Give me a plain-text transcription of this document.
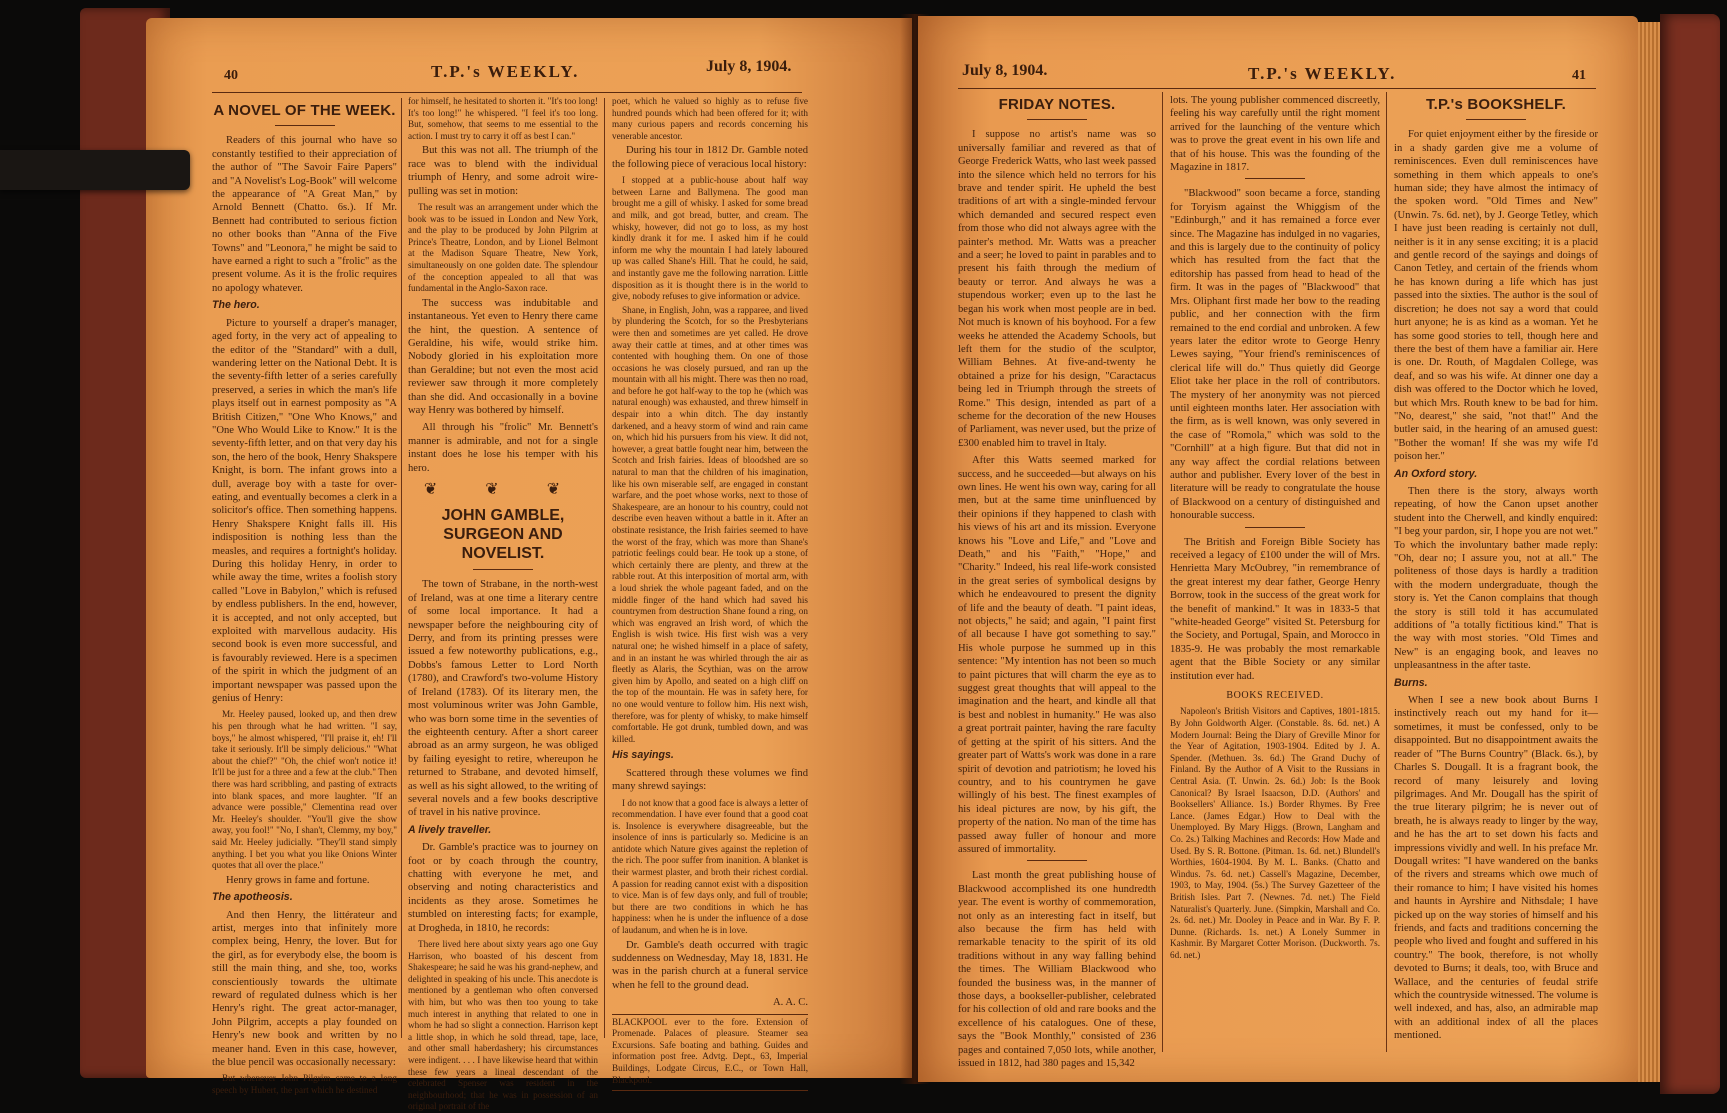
40	T.P.'s WEEKLY.	July 8, 1904.
A NOVEL OF THE WEEK.

Readers of this journal who have so constantly testified to their appreciation of the author of "The Savoir Faire Papers" and "A Novelist's Log-Book" will welcome the appearance of "A Great Man," by Arnold Bennett (Chatto. 6s.). If Mr. Bennett had contributed to serious fiction no other books than "Anna of the Five Towns" and "Leonora," he might be said to have earned a right to such a "frolic" as the present volume. As it is the frolic requires no apology whatever.

The hero.

Picture to yourself a draper's manager, aged forty, in the very act of appealing to the editor of the "Standard" with a dull, wandering letter on the National Debt. It is the seventy-fifth letter of a series carefully preserved, a series in which the man's life plays itself out in earnest pomposity as "A British Citizen," "One Who Knows," and "One Who Would Like to Know." It is the seventy-fifth letter, and on that very day his son, the hero of the book, Henry Shakspere Knight, is born. The infant grows into a dull, average boy with a taste for over-eating, and eventually becomes a clerk in a solicitor's office. Then something happens. Henry Shakspere Knight falls ill. His indisposition is nothing less than the measles, and requires a fortnight's holiday. During this holiday Henry, in order to while away the time, writes a foolish story called "Love in Babylon," which is refused by endless publishers. In the end, however, it is accepted, and not only accepted, but exploited with marvellous audacity. His second book is even more successful, and is favourably reviewed. Here is a specimen of the spirit in which the judgment of an important newspaper was passed upon the genius of Henry:

Mr. Heeley paused, looked up, and then drew his pen through what he had written. "I say, boys," he almost whispered, "I'll praise it, eh! I'll take it seriously. It'll be simply delicious." "What about the chief?" "Oh, the chief won't notice it! It'll be just for a three and a few at the club." Then there was hard scribbling, and pasting of extracts into blank spaces, and more laughter. "If an advance were possible," Clementina read over Mr. Heeley's shoulder. "You'll give the show away, you fool!" "No, I shan't, Clemmy, my boy," said Mr. Heeley judicially. "They'll stand simply anything. I bet you what you like Onions Winter quotes that all over the place."

Henry grows in fame and fortune.

The apotheosis.

And then Henry, the littérateur and artist, merges into that infinitely more complex being, Henry, the lover. But for the girl, as for everybody else, the boom is still the main thing, and she, too, works conscientiously towards the ultimate reward of regulated dulness which is her Henry's right. The great actor-manager, John Pilgrim, accepts a play founded on Henry's new book and written by no meaner hand. Even in this case, however, the blue pencil was occasionally necessary:

But whenever John Pilgrim came to a long speech by Hubert, the part which he destined

for himself, he hesitated to shorten it. "It's too long! It's too long!" he whispered. "I feel it's too long. But, somehow, that seems to me essential to the action. I must try to carry it off as best I can."

But this was not all. The triumph of the race was to blend with the individual triumph of Henry, and some adroit wire-pulling was set in motion:

The result was an arrangement under which the book was to be issued in London and New York, and the play to be produced by John Pilgrim at Prince's Theatre, London, and by Lionel Belmont at the Madison Square Theatre, New York, simultaneously on one golden date. The splendour of the conception appealed to all that was fundamental in the Anglo-Saxon race.

The success was indubitable and instantaneous. Yet even to Henry there came the hint, the question. A sentence of Geraldine, his wife, would strike him. Nobody gloried in his exploitation more than Geraldine; but not even the most acid reviewer saw through it more completely than she did. And occasionally in a bovine way Henry was bothered by himself.

All through his "frolic" Mr. Bennett's manner is admirable, and not for a single instant does he lose his temper with his hero.

❦ ❦ ❦
JOHN GAMBLE, SURGEON AND NOVELIST.

The town of Strabane, in the north-west of Ireland, was at one time a literary centre of some local importance. It had a newspaper before the neighbouring city of Derry, and from its printing presses were issued a few noteworthy publications, e.g., Dobbs's famous Letter to Lord North (1780), and Crawford's two-volume History of Ireland (1783). Of its literary men, the most voluminous writer was John Gamble, who was born some time in the seventies of the eighteenth century. After a short career abroad as an army surgeon, he was obliged by failing eyesight to retire, whereupon he returned to Strabane, and devoted himself, as well as his sight allowed, to the writing of several novels and a few books descriptive of travel in his native province.

A lively traveller.

Dr. Gamble's practice was to journey on foot or by coach through the country, chatting with everyone he met, and observing and noting characteristics and incidents as they arose. Sometimes he stumbled on interesting facts; for example, at Drogheda, in 1810, he records:

There lived here about sixty years ago one Guy Harrison, who boasted of his descent from Shakespeare; he said he was his grand-nephew, and delighted in speaking of his uncle. This anecdote is mentioned by a gentleman who often conversed with him, but who was then too young to take much interest in anything that related to one in whom he had so slight a connection. Harrison kept a little shop, in which he sold thread, tape, lace, and other small haberdashery; his circumstances were indigent. . . . I have likewise heard that within these few years a lineal descendant of the celebrated Spenser was resident in the neighbourhood; that he was in possession of an original portrait of the

poet, which he valued so highly as to refuse five hundred pounds which had been offered for it; with many curious papers and records concerning his venerable ancestor.

During his tour in 1812 Dr. Gamble noted the following piece of veracious local history:

I stopped at a public-house about half way between Larne and Ballymena. The good man brought me a gill of whisky. I asked for some bread and milk, and got bread, butter, and cream. The whisky, however, did not go to loss, as my host kindly drank it for me. I asked him if he could inform me why the mountain I had lately laboured up was called Shane's Hill. That he could, he said, and instantly gave me the following narration. Little disposition as it is thought there is in the world to give, nobody refuses to give information or advice.

Shane, in English, John, was a rapparee, and lived by plundering the Scotch, for so the Presbyterians were then and sometimes are yet called. He drove away their cattle at times, and at other times was contented with houghing them. On one of those occasions he was closely pursued, and ran up the mountain with all his might. There was then no road, and before he got half-way to the top he (which was natural enough) was exhausted, and threw himself in despair into a whin ditch. The day instantly darkened, and a heavy storm of wind and rain came on, which hid his pursuers from his view. It did not, however, a great battle fought near him, between the Scotch and Irish fairies. Ideas of bloodshed are so natural to man that the children of his imagination, like his own miserable self, are engaged in constant warfare, and the poet whose works, next to those of Shakespeare, are an honour to his country, could not describe even heaven without a battle in it. After an obstinate resistance, the Irish fairies seemed to have the worst of the fray, which was more than Shane's patriotic feelings could bear. He took up a stone, of which certainly there are plenty, and threw at the rabble rout. At this interposition of mortal arm, with a loud shriek the whole pageant faded, and on the middle finger of the hand which had saved his countrymen from destruction Shane found a ring, on which was engraved an Irish word, of which the English is wish twice. His first wish was a very natural one; he wished himself in a place of safety, and in an instant he was whirled through the air as fleetly as Alaris, the Scythian, was on the arrow given him by Apollo, and seated on a high cliff on the top of the mountain. He was in safety here, for no one would venture to follow him. His next wish, therefore, was for plenty of whisky, to make himself comfortable. He got drunk, tumbled down, and was killed.

His sayings.

Scattered through these volumes we find many shrewd sayings:

I do not know that a good face is always a letter of recommendation. I have ever found that a good coat is. Insolence is everywhere disagreeable, but the insolence of inns is particularly so. Medicine is an antidote which Nature gives against the repletion of the rich. The poor suffer from inanition. A blanket is their warmest plaster, and broth their richest cordial. A passion for reading cannot exist with a disposition to vice. Man is of few days only, and full of trouble; but there are two conditions in which he has happiness: when he is under the influence of a dose of laudanum, and when he is in love.

Dr. Gamble's death occurred with tragic suddenness on Wednesday, May 18, 1831. He was in the parish church at a funeral service when he fell to the ground dead.

A. A. C.

BLACKPOOL ever to the fore. Extension of Promenade. Palaces of pleasure. Steamer sea Excursions. Safe boating and bathing. Guides and information post free. Advtg. Dept., 63, Imperial Buildings, Lodgate Circus, E.C., or Town Hall, Blackpool.

July 8, 1904.	T.P.'s WEEKLY.	41
FRIDAY NOTES.

I suppose no artist's name was so universally familiar and revered as that of George Frederick Watts, who last week passed into the silence which held no terrors for his brave and tender spirit. He upheld the best traditions of art with a single-minded fervour which demanded and secured respect even from those who did not always agree with the painter's method. Mr. Watts was a preacher and a seer; he loved to paint in parables and to present his faith through the medium of beauty or terror. And always he was a stupendous worker; even up to the last he began his work when most people are in bed. Not much is known of his boyhood. For a few weeks he attended the Academy Schools, but left them for the studio of the sculptor, William Behnes. At five-and-twenty he obtained a prize for his design, "Caractacus being led in Triumph through the streets of Rome." This design, intended as part of a scheme for the decoration of the new Houses of Parliament, was never used, but the prize of £300 enabled him to travel in Italy.

After this Watts seemed marked for success, and he succeeded—but always on his own lines. He went his own way, caring for all men, but at the same time uninfluenced by their opinions if they happened to clash with his views of his art and its mission. Everyone knows his "Love and Life," and "Love and Death," and his "Faith," "Hope," and "Charity." Indeed, his real life-work consisted in the great series of symbolical designs by which he endeavoured to present the dignity of life and the beauty of death. "I paint ideas, not objects," he said; and again, "I paint first of all because I have got something to say." His whole purpose he summed up in this sentence: "My intention has not been so much to paint pictures that will charm the eye as to suggest great thoughts that will appeal to the imagination and the heart, and kindle all that is best and noblest in humanity." He was also a great portrait painter, having the rare faculty of getting at the spirit of his sitters. And the greater part of Watts's work was done in a rare spirit of devotion and patriotism; he loved his country, and to his countrymen he gave willingly of his best. The finest examples of his ideal pictures are now, by his gift, the property of the nation. No man of the time has passed away fuller of honour and more assured of immortality.

Last month the great publishing house of Blackwood accomplished its one hundredth year. The event is worthy of commemoration, not only as an interesting fact in itself, but also because the firm has held with remarkable tenacity to the spirit of its old traditions without in any way falling behind the times. The William Blackwood who founded the business was, in the manner of those days, a bookseller-publisher, celebrated for his collection of old and rare books and the excellence of his catalogues. One of these, says the "Book Monthly," consisted of 236 pages and contained 7,050 lots, while another, issued in 1812, had 380 pages and 15,342

lots. The young publisher commenced discreetly, feeling his way carefully until the right moment arrived for the launching of the venture which was to prove the great event in his own life and that of his house. This was the founding of the Magazine in 1817.

"Blackwood" soon became a force, standing for Toryism against the Whiggism of the "Edinburgh," and it has remained a force ever since. The Magazine has indulged in no vagaries, and this is largely due to the continuity of policy which has resulted from the fact that the editorship has passed from head to head of the firm. It was in the pages of "Blackwood" that Mrs. Oliphant first made her bow to the reading public, and her connection with the firm remained to the end cordial and unbroken. A few years later the editor wrote to George Henry Lewes saying, "Your friend's reminiscences of clerical life will do." Thus quietly did George Eliot take her place in the roll of contributors. The mystery of her anonymity was not pierced until eighteen months later. Her association with the firm, as is well known, was only severed in the case of "Romola," which was sold to the "Cornhill" at a high figure. But that did not in any way affect the cordial relations between author and publisher. Every lover of the best in literature will be ready to congratulate the house of Blackwood on a century of distinguished and honourable success.

The British and Foreign Bible Society has received a legacy of £100 under the will of Mrs. Henrietta Mary McOubrey, "in remembrance of the great interest my dear father, George Henry Borrow, took in the success of the great work for the benefit of mankind." It was in 1833-5 that "white-headed George" visited St. Petersburg for the Society, and Portugal, Spain, and Morocco in 1835-9. He was probably the most remarkable agent that the Bible Society or any similar institution ever had.

BOOKS RECEIVED.

Napoleon's British Visitors and Captives, 1801-1815. By John Goldworth Alger. (Constable. 8s. 6d. net.) A Modern Journal: Being the Diary of Greville Minor for the Year of Agitation, 1903-1904. Edited by J. A. Spender. (Methuen. 3s. 6d.) The Grand Duchy of Finland. By the Author of A Visit to the Russians in Central Asia. (T. Unwin. 2s. 6d.) Job: Is the Book Canonical? By Israel Isaacson, D.D. (Authors' and Booksellers' Alliance. 1s.) Border Rhymes. By Free Lance. (James Edgar.) How to Deal with the Unemployed. By Mary Higgs. (Brown, Langham and Co. 2s.) Talking Machines and Records: How Made and Used. By S. R. Bottone. (Pitman. 1s. 6d. net.) Blundell's Worthies, 1604-1904. By M. L. Banks. (Chatto and Windus. 7s. 6d. net.) Cassell's Magazine, December, 1903, to May, 1904. (5s.) The Survey Gazetteer of the British Isles. Part 7. (Newnes. 7d. net.) The Field Naturalist's Quarterly. June. (Simpkin, Marshall and Co. 2s. 6d. net.) Mr. Dooley in Peace and in War. By F. P. Dunne. (Richards. 1s. net.) A Lonely Summer in Kashmir. By Margaret Cotter Morison. (Duckworth. 7s. 6d. net.)

T.P.'s BOOKSHELF.

For quiet enjoyment either by the fireside or in a shady garden give me a volume of reminiscences. Even dull reminiscences have something in them which appeals to one's human side; they have almost the intimacy of the spoken word. "Old Times and New" (Unwin. 7s. 6d. net), by J. George Tetley, which I have just been reading is certainly not dull, neither is it in any sense exciting; it is a placid and gentle record of the sayings and doings of Canon Tetley, and certain of the friends whom he has known during a life which has just passed into the sixties. The author is the soul of discretion; he does not say a word that could hurt anyone; he is as kind as a woman. Yet he has some good stories to tell, though here and there the best of them have a familiar air. Here is one. Dr. Routh, of Magdalen College, was deaf, and so was his wife. At dinner one day a dish was offered to the Doctor which he loved, but which Mrs. Routh knew to be bad for him. "No, dearest," she said, "not that!" And the butler said, in the hearing of an amused guest: "Bother the woman! If she was my wife I'd poison her."

An Oxford story.

Then there is the story, always worth repeating, of how the Canon upset another student into the Cherwell, and kindly enquired: "I beg your pardon, sir, I hope you are not wet." To which the involuntary bather made reply: "Oh, dear no; I assure you, not at all." The politeness of those days is hardly a tradition with the modern undergraduate, though the story is. Yet the Canon complains that though the story is still told it has accumulated additions of "a totally fictitious kind." That is the way with most stories. "Old Times and New" is an engaging book, and leaves no unpleasantness in the after taste.

Burns.

When I see a new book about Burns I instinctively reach out my hand for it—sometimes, it must be confessed, only to be disappointed. But no disappointment awaits the reader of "The Burns Country" (Black. 6s.), by Charles S. Dougall. It is a fragrant book, the record of many leisurely and loving pilgrimages. And Mr. Dougall has the spirit of the true literary pilgrim; he is never out of breath, he is always ready to linger by the way, and he has the art to set down his facts and impressions vividly and well. In his preface Mr. Dougall writes: "I have wandered on the banks of the rivers and streams which owe much of their romance to him; I have visited his homes and haunts in Ayrshire and Nithsdale; I have picked up on the way stories of himself and his friends, and facts and traditions concerning the people who lived and fought and suffered in his country." The book, therefore, is not wholly devoted to Burns; it deals, too, with Bruce and Wallace, and the centuries of feudal strife which the countryside witnessed. The volume is well indexed, and has, also, an admirable map with an additional index of all the places mentioned.
